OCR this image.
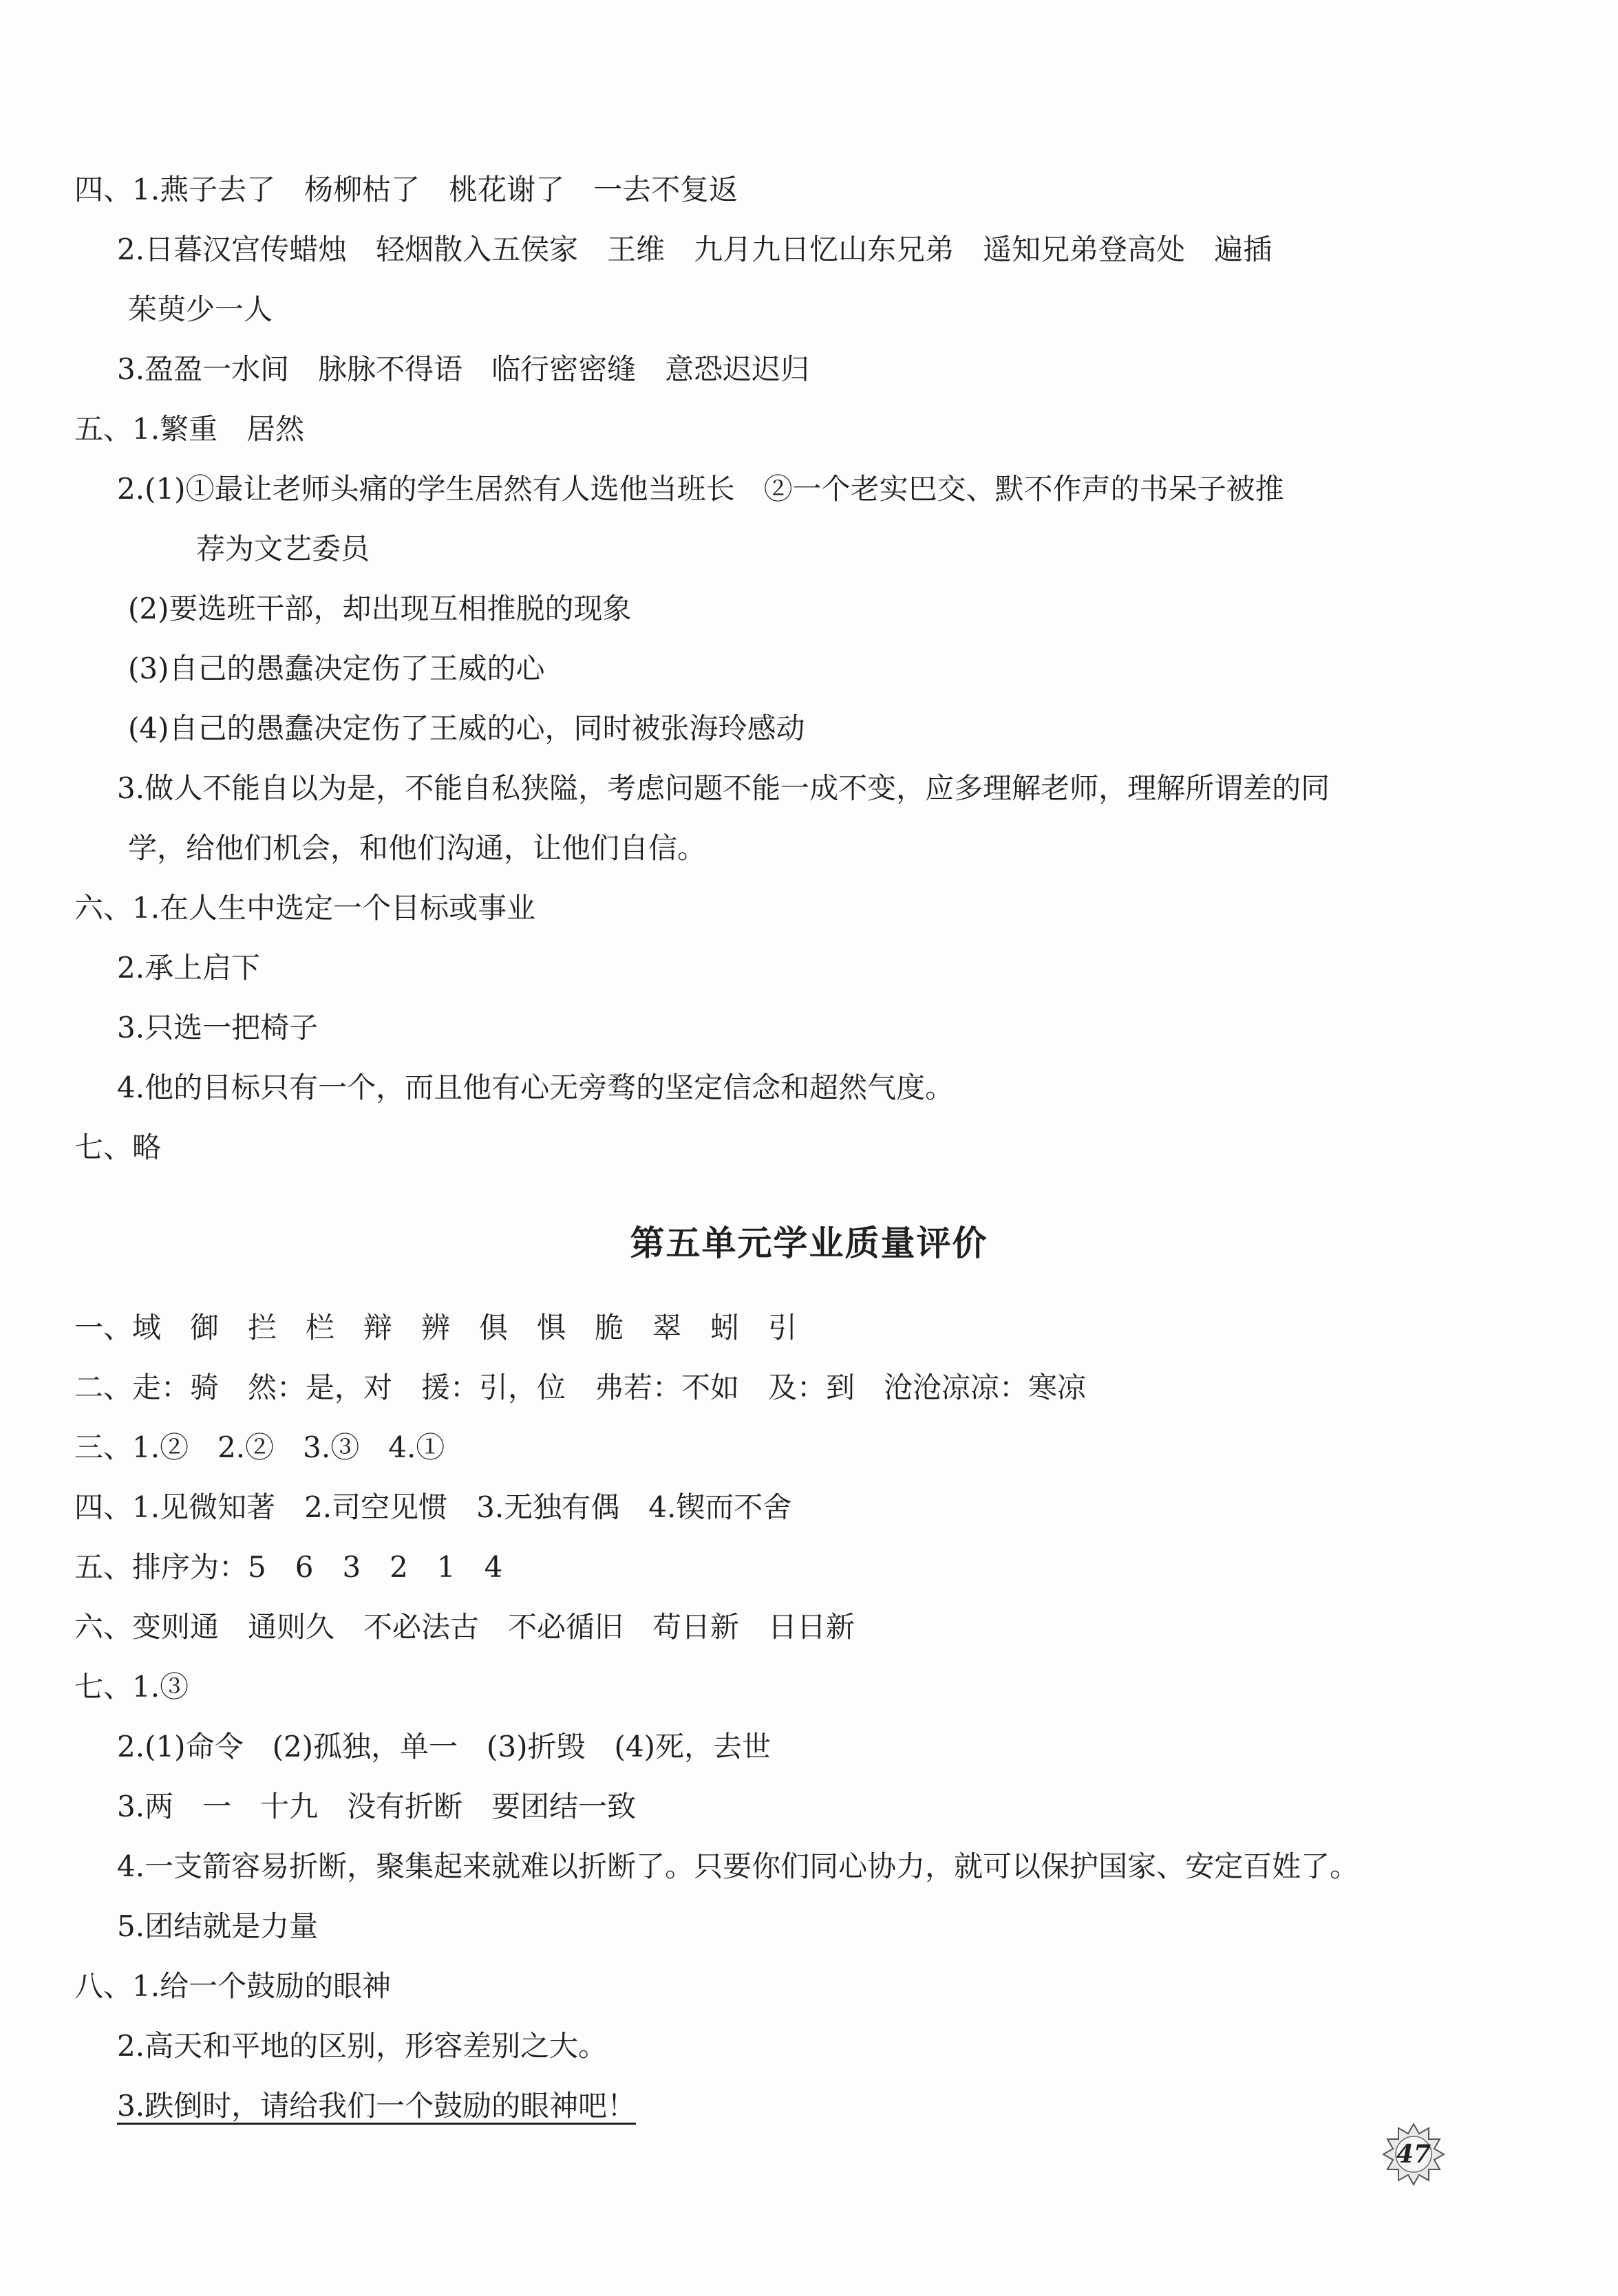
四、1.燕子去了　杨柳枯了　桃花谢了　一去不复返
2.日暮汉宫传蜡烛　轻烟散入五侯家　王维　九月九日忆山东兄弟　遥知兄弟登高处　遍插
茱萸少一人
3.盈盈一水间　脉脉不得语　临行密密缝　意恐迟迟归
五、1.繁重　居然
2.(1)①最让老师头痛的学生居然有人选他当班长　②一个老实巴交、默不作声的书呆子被推
荐为文艺委员
(2)要选班干部，却出现互相推脱的现象
(3)自己的愚蠢决定伤了王威的心
(4)自己的愚蠢决定伤了王威的心，同时被张海玲感动
3.做人不能自以为是，不能自私狭隘，考虑问题不能一成不变，应多理解老师，理解所谓差的同
学，给他们机会，和他们沟通，让他们自信。
六、1.在人生中选定一个目标或事业
2.承上启下
3.只选一把椅子
4.他的目标只有一个，而且他有心无旁骛的坚定信念和超然气度。
七、略
第五单元学业质量评价
一、域　御　拦　栏　辩　辨　俱　惧　脆　翠　蚓　引
二、走：骑　然：是，对　援：引，位　弗若：不如　及：到　沧沧凉凉：寒凉
三、1.②　2.②　3.③　4.①
四、1.见微知著　2.司空见惯　3.无独有偶　4.锲而不舍
五、排序为：5　6　3　2　1　4
六、变则通　通则久　不必法古　不必循旧　苟日新　日日新
七、1.③
2.(1)命令　(2)孤独，单一　(3)折毁　(4)死，去世
3.两　一　十九　没有折断　要团结一致
4.一支箭容易折断，聚集起来就难以折断了。只要你们同心协力，就可以保护国家、安定百姓了。
5.团结就是力量
八、1.给一个鼓励的眼神
2.高天和平地的区别，形容差别之大。
3.跌倒时，请给我们一个鼓励的眼神吧！
47
